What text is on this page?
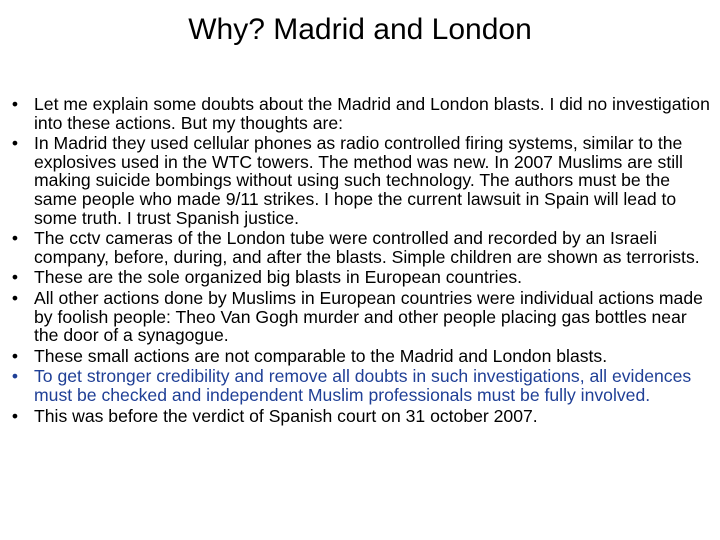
Why? Madrid and London
• Let me explain some doubts about the Madrid and London blasts. I did no investigation into these actions. But my thoughts are:
• In Madrid they used cellular phones as radio controlled firing systems, similar to the explosives used in the WTC towers. The method was new. In 2007 Muslims are still making suicide bombings without using such technology. The authors must be the same people who made 9/11 strikes. I hope the current lawsuit in Spain will lead to some truth. I trust Spanish justice.
• The cctv cameras of the London tube were controlled and recorded by an Israeli company, before, during, and after the blasts. Simple children are shown as terrorists.
• These are the sole organized big blasts in European countries.
• All other actions done by Muslims in European countries were individual actions made by foolish people: Theo Van Gogh murder and other people placing gas bottles near the door of a synagogue.
• These small actions are not comparable to the Madrid and London blasts.
• To get stronger credibility and remove all doubts in such investigations, all evidences must be checked and independent Muslim professionals must be fully involved.
• This was before the verdict of Spanish court on 31 october 2007.
